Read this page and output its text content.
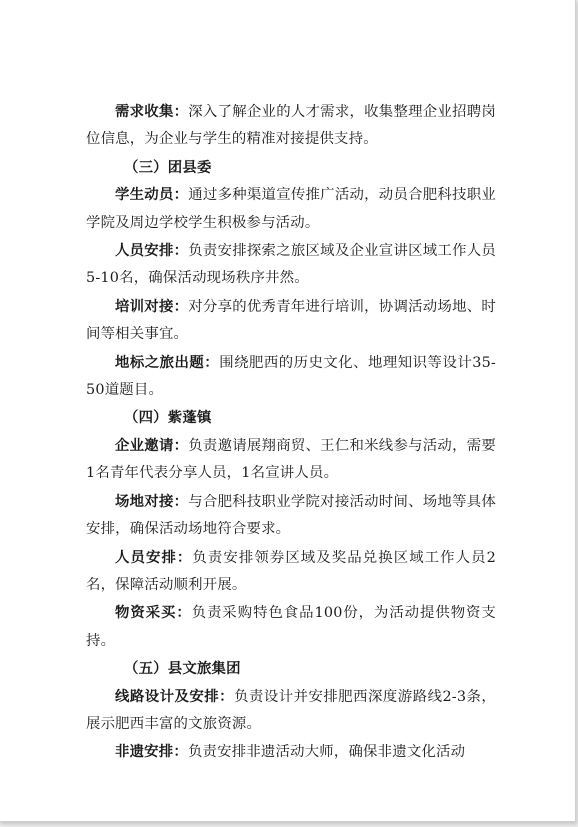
需求收集：深入了解企业的人才需求，收集整理企业招聘岗位信息，为企业与学生的精准对接提供支持。

（三）团县委

学生动员：通过多种渠道宣传推广活动，动员合肥科技职业学院及周边学校学生积极参与活动。

人员安排：负责安排探索之旅区域及企业宣讲区域工作人员5-10名，确保活动现场秩序井然。

培训对接：对分享的优秀青年进行培训，协调活动场地、时间等相关事宜。

地标之旅出题：围绕肥西的历史文化、地理知识等设计35-50道题目。

（四）紫蓬镇

企业邀请：负责邀请展翔商贸、王仁和米线参与活动，需要1名青年代表分享人员，1名宣讲人员。

场地对接：与合肥科技职业学院对接活动时间、场地等具体安排，确保活动场地符合要求。

人员安排：负责安排领券区域及奖品兑换区域工作人员2名，保障活动顺利开展。

物资采买：负责采购特色食品100份，为活动提供物资支持。

（五）县文旅集团

线路设计及安排：负责设计并安排肥西深度游路线2-3条，展示肥西丰富的文旅资源。

非遗安排：负责安排非遗活动大师，确保非遗文化活动
